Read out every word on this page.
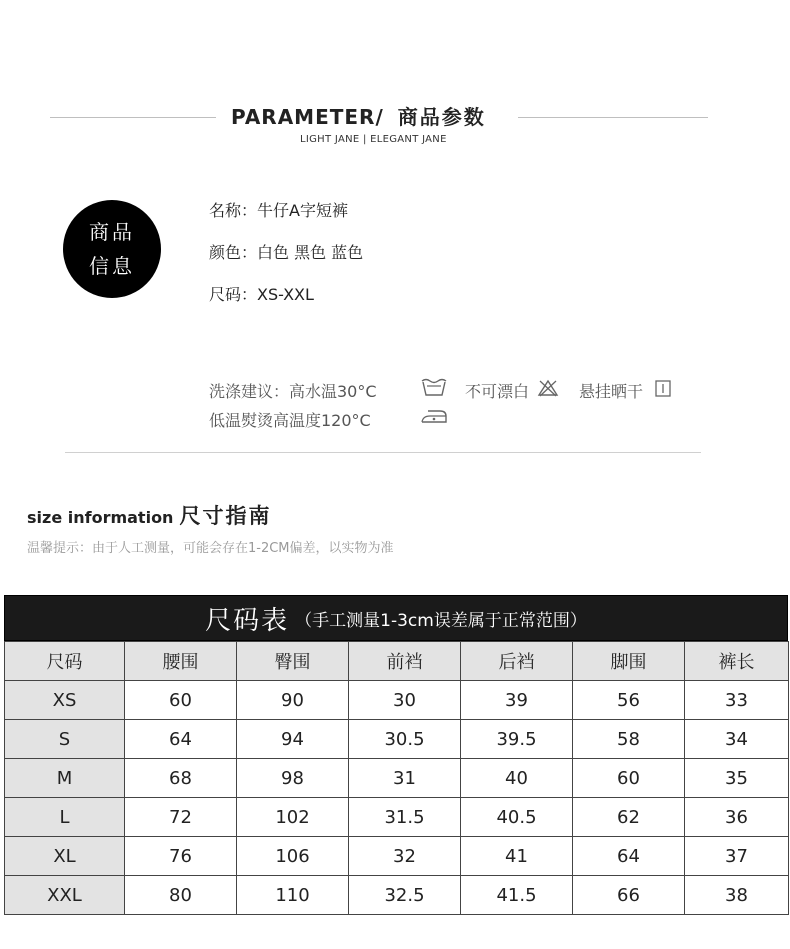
PARAMETER/ 商品参数
LIGHT JANE | ELEGANT JANE
商品
信息
名称：牛仔A字短裤
颜色：白色 黑色 蓝色
尺码：XS-XXL
洗涤建议：高水温30°C	不可漂白	悬挂晒干
低温熨烫高温度120°C
size information 尺寸指南
温馨提示：由于人工测量，可能会存在1-2CM偏差，以实物为准
尺码表 （手工测量1-3cm误差属于正常范围）
尺码	腰围	臀围	前裆	后裆	脚围	裤长
XS	60	90	30	39	56	33
S	64	94	30.5	39.5	58	34
M	68	98	31	40	60	35
L	72	102	31.5	40.5	62	36
XL	76	106	32	41	64	37
XXL	80	110	32.5	41.5	66	38
